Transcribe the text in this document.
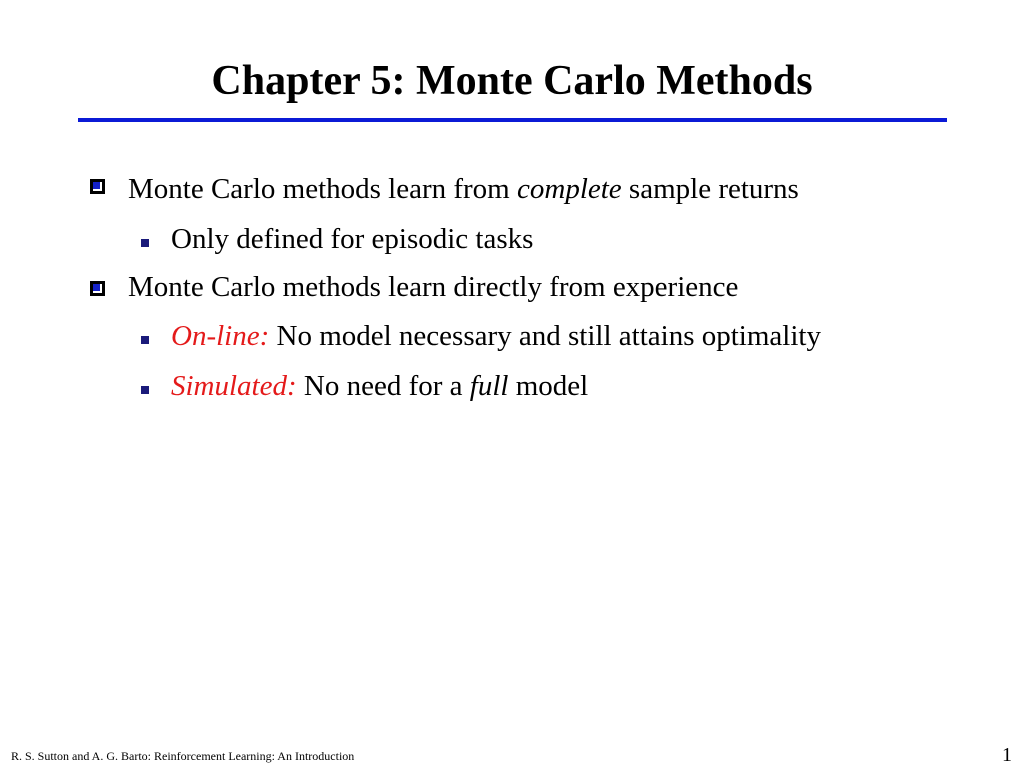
Chapter 5: Monte Carlo Methods
Monte Carlo methods learn from complete sample returns
Only defined for episodic tasks
Monte Carlo methods learn directly from experience
On-line: No model necessary and still attains optimality
Simulated: No need for a full model
R. S. Sutton and A. G. Barto: Reinforcement Learning: An Introduction	1
